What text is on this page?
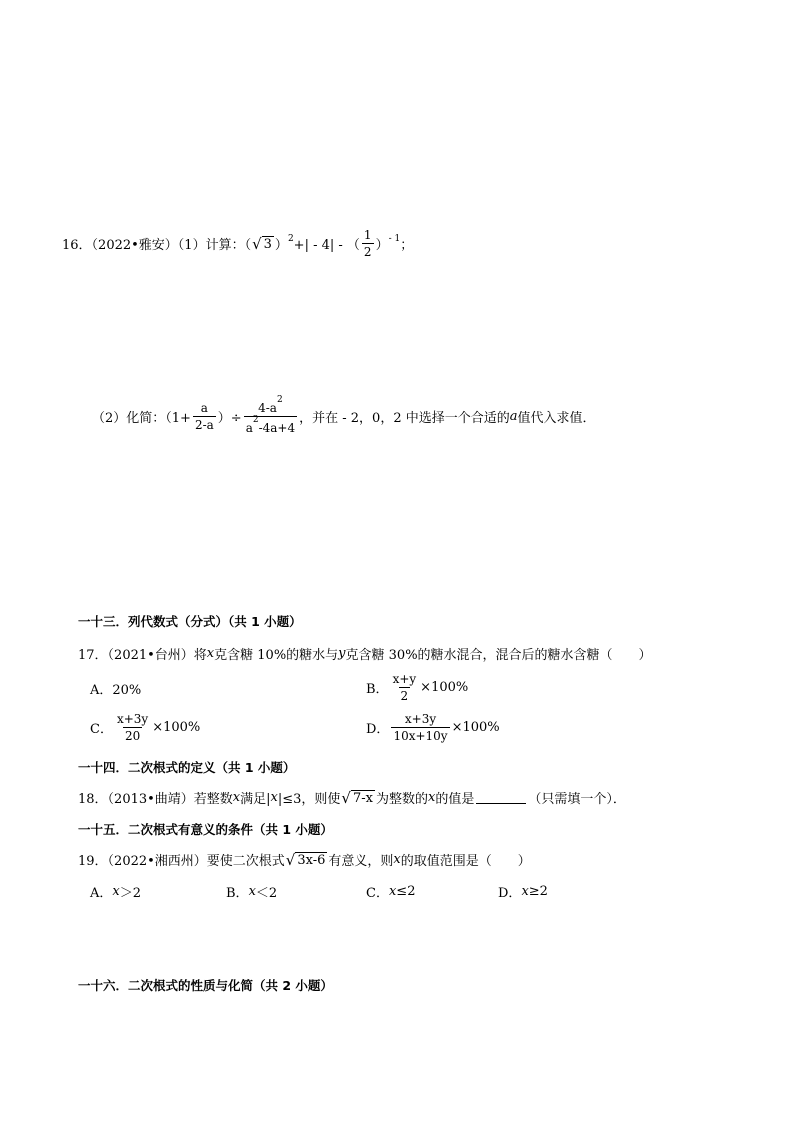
16．（2022•雅安）（1）计算：（ √ 3 ）$^2$ +| - 4| - （ $\frac{1}{2}$ ） $^{- 1}$ ；
（2）化简：（$1+ \frac{a}{2-a}$ ）÷ $\frac{4-a^2}{a^2-4a+4}$ ，并在 - 2，0，2 中选择一个合适的 a 值代入求值．
一十三．列代数式（分式）（共 1 小题）
17．（2021•台州）将 x 克含糖 10%的糖水与 y 克含糖 30%的糖水混合，混合后的糖水含糖（　　）
A．20%	B． $\frac{x+y}{2} \times 100\%$
C． $\frac{x+3y}{20} \times 100\%$	D． $\frac{x+3y}{10x+10y} \times 100\%$
一十四．二次根式的定义（共 1 小题）
18．（2013•曲靖）若整数 x 满足| x |≤3，则使 √ 7-x 为整数的 x 的值是	（只需填一个）．
一十五．二次根式有意义的条件（共 1 小题）
19．（2022•湘西州）要使二次根式 √ 3x-6 有意义，则 x 的取值范围是（　　）
A． x ＞2	B． x ＜2	C． x ≤2	D． x ≥2
一十六．二次根式的性质与化简（共 2 小题）
